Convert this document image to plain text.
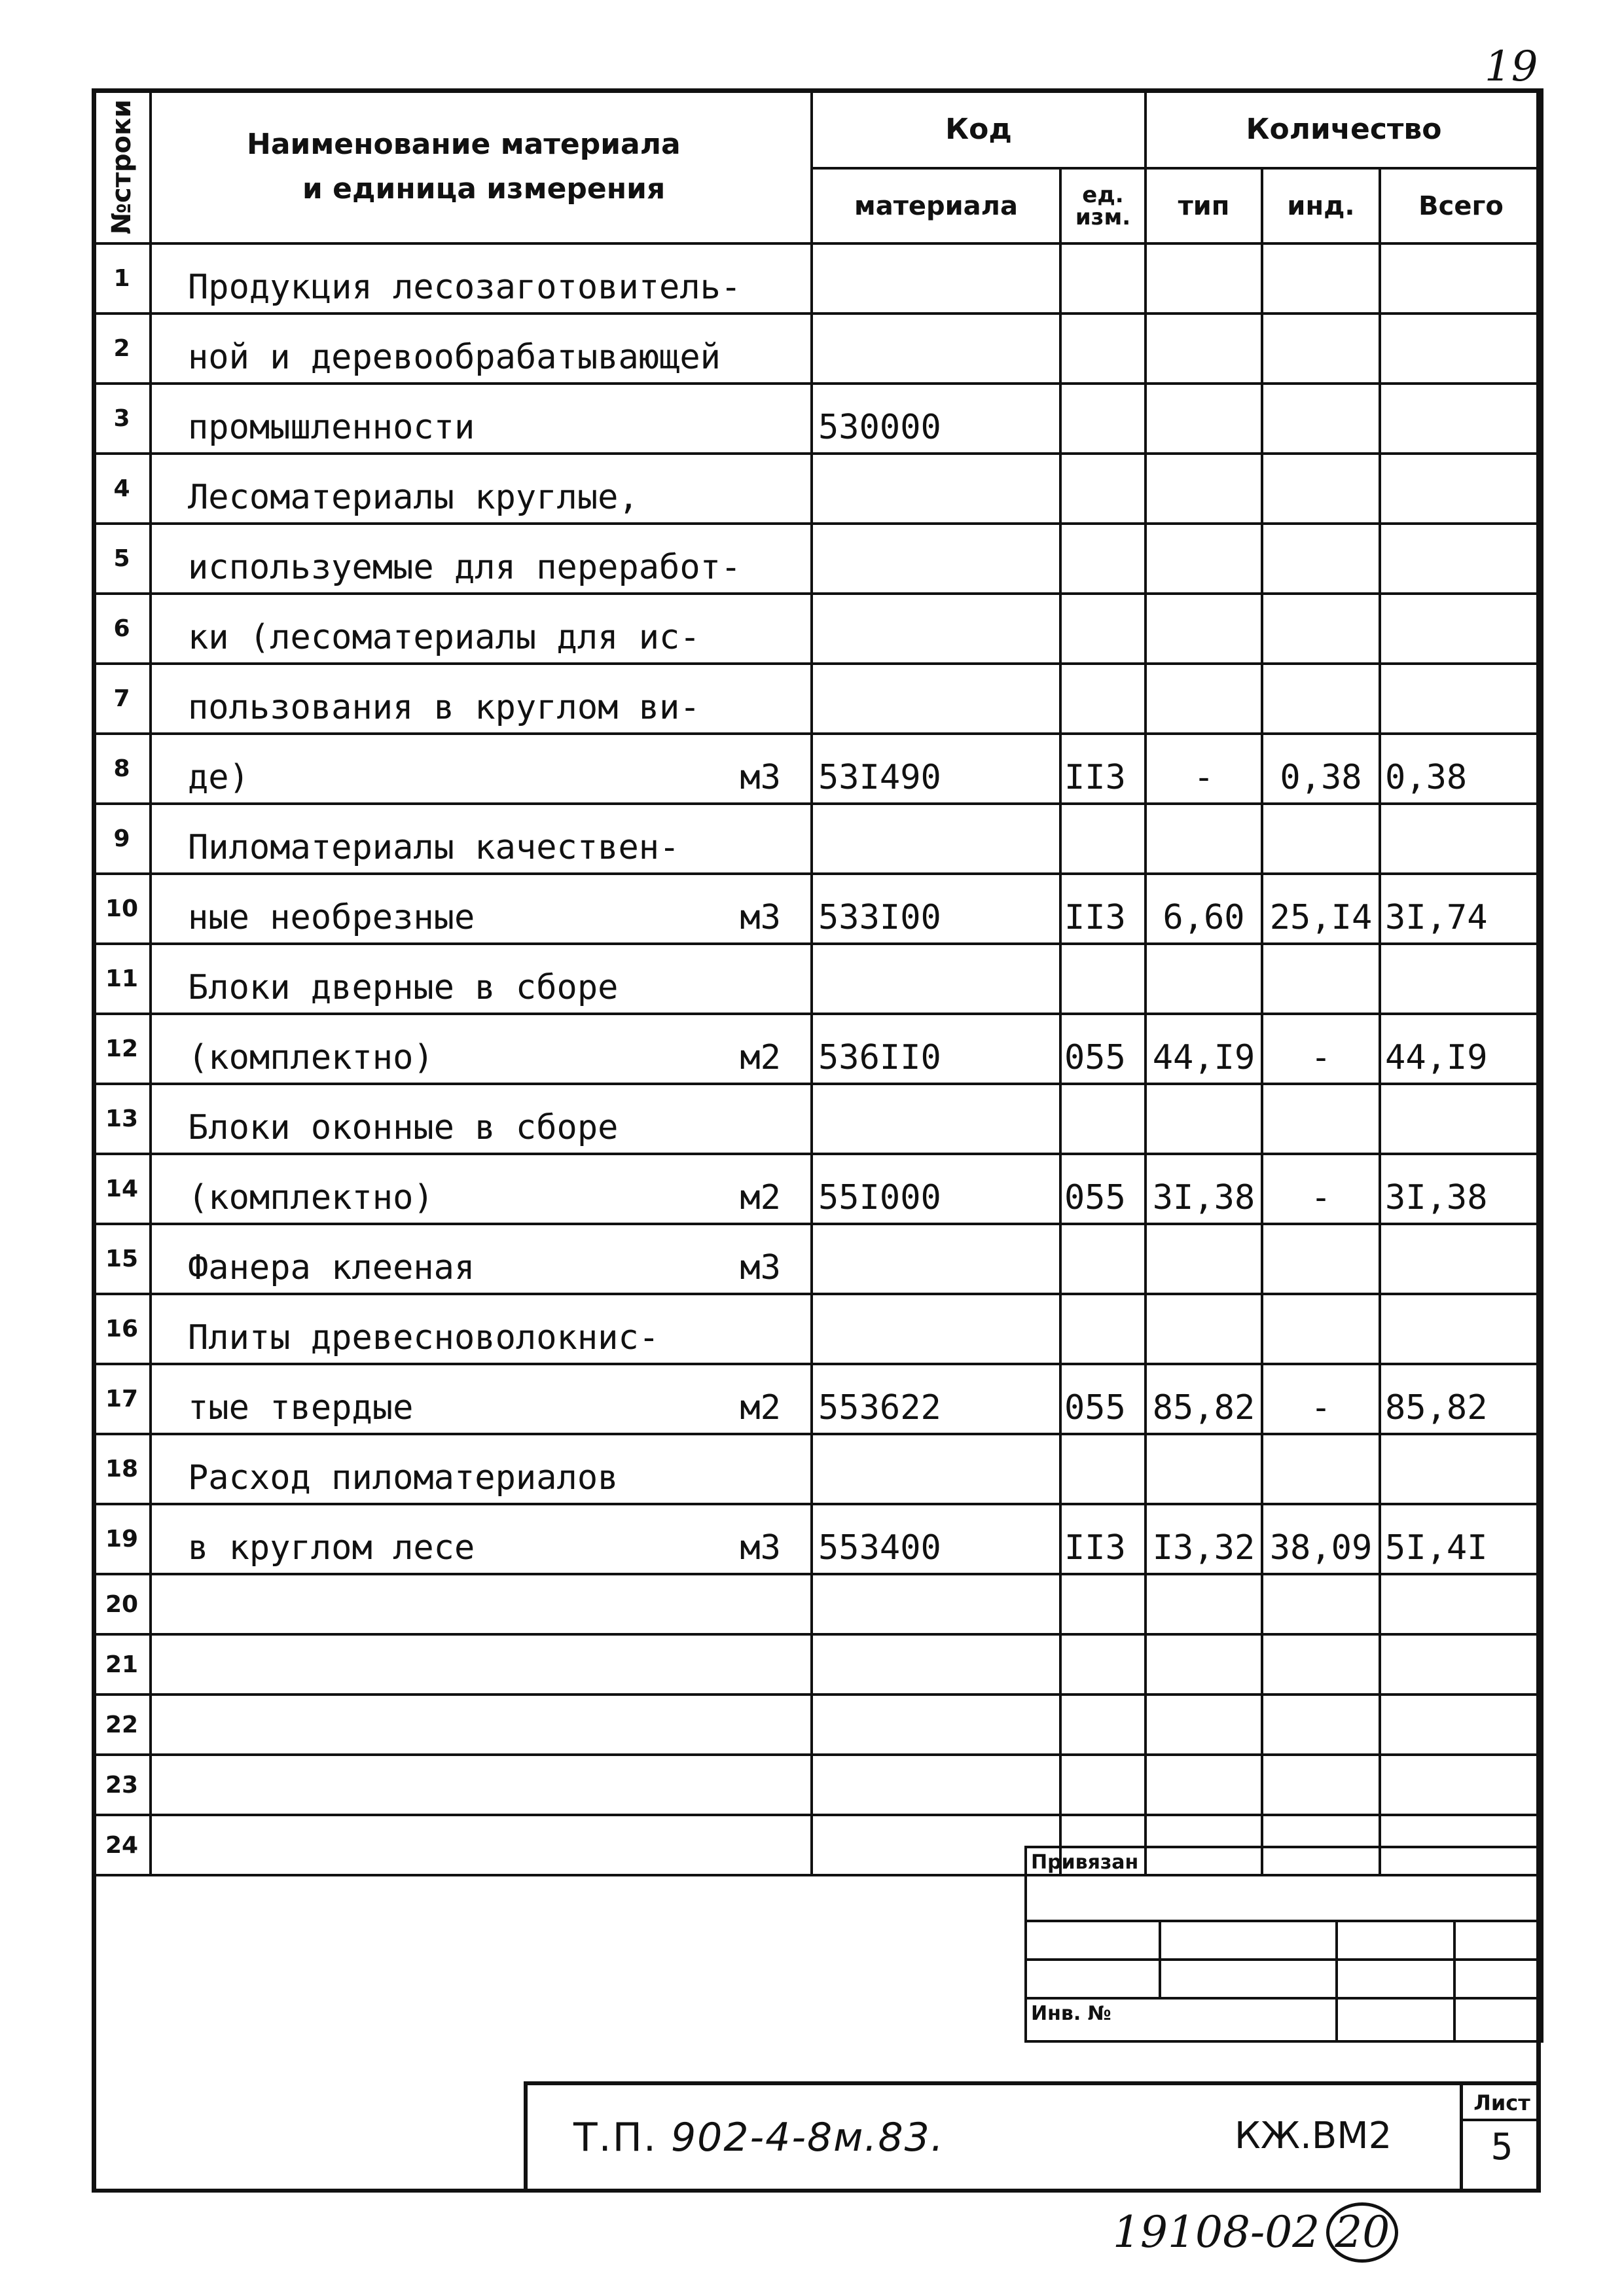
19
№строки	Наименование материала
и единица измерения	Код		Количество		
		материала	ед.
изм.	тип	инд.	Всего
1	Продукция лесозаготовитель-					

2	ной и деревообрабатывающей					

3	промышленности	530000				
4	Лесоматериалы круглые,					

5	используемые для переработ-					

6	ки (лесоматериалы для ис-					

7	пользования в круглом ви-					

8	де) м3	53I490	II3	-	0,38	0,38
9	Пиломатериалы качествен-					

10	ные необрезные м3	533I00	II3	6,60	25,I4	3I,74
11	Блоки дверные в сборе					

12	(комплектно) м2	536II0	055	44,I9	-	44,I9
13	Блоки оконные в сборе					

14	(комплектно) м2	55I000	055	3I,38	-	3I,38
15	Фанера клееная м3					

16	Плиты древесноволокнис-					

17	тые твердые м2	553622	055	85,82	-	85,82
18	Расход пиломатериалов					

19	в круглом лесе м3	553400	II3	I3,32	38,09	5I,4I
20	

21	

22	

23	

24	

Привязан			

Инв. №			
Т.П. 902-4-8м.83.	КЖ.ВМ2
Лист
5
19108-02 20
